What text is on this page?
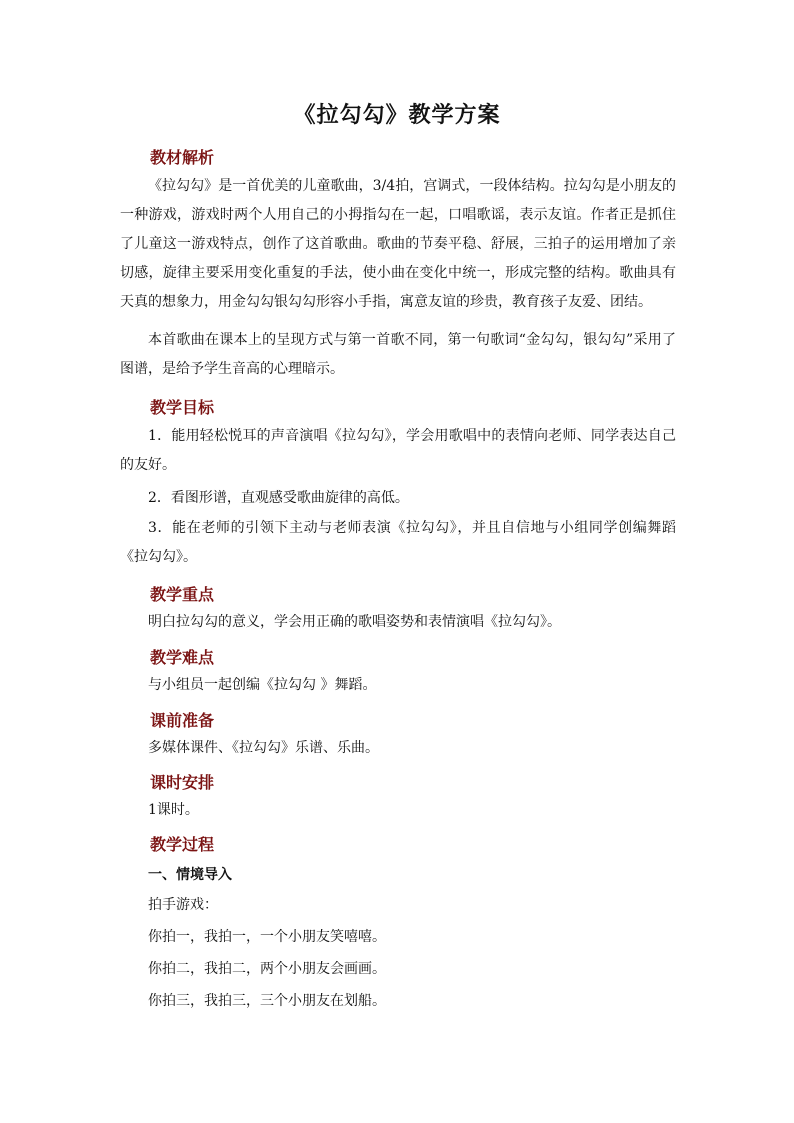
《拉勾勾》教学方案
教材解析
《拉勾勾》是一首优美的儿童歌曲，3/4拍，宫调式，一段体结构。拉勾勾是小朋友的一种游戏，游戏时两个人用自己的小拇指勾在一起，口唱歌谣，表示友谊。作者正是抓住了儿童这一游戏特点，创作了这首歌曲。歌曲的节奏平稳、舒展，三拍子的运用增加了亲切感，旋律主要采用变化重复的手法，使小曲在变化中统一，形成完整的结构。歌曲具有天真的想象力，用金勾勾银勾勾形容小手指，寓意友谊的珍贵，教育孩子友爱、团结。
本首歌曲在课本上的呈现方式与第一首歌不同，第一句歌词“金勾勾，银勾勾”采用了图谱，是给予学生音高的心理暗示。
教学目标
1．能用轻松悦耳的声音演唱《拉勾勾》，学会用歌唱中的表情向老师、同学表达自己的友好。
2．看图形谱，直观感受歌曲旋律的高低。
3．能在老师的引领下主动与老师表演《拉勾勾》，并且自信地与小组同学创编舞蹈《拉勾勾》。
教学重点
明白拉勾勾的意义，学会用正确的歌唱姿势和表情演唱《拉勾勾》。
教学难点
与小组员一起创编《拉勾勾 》舞蹈。
课前准备
多媒体课件、《拉勾勾》乐谱、乐曲。
课时安排
1课时。
教学过程
一、情境导入
拍手游戏：
你拍一，我拍一，一个小朋友笑嘻嘻。
你拍二，我拍二，两个小朋友会画画。
你拍三，我拍三，三个小朋友在划船。
